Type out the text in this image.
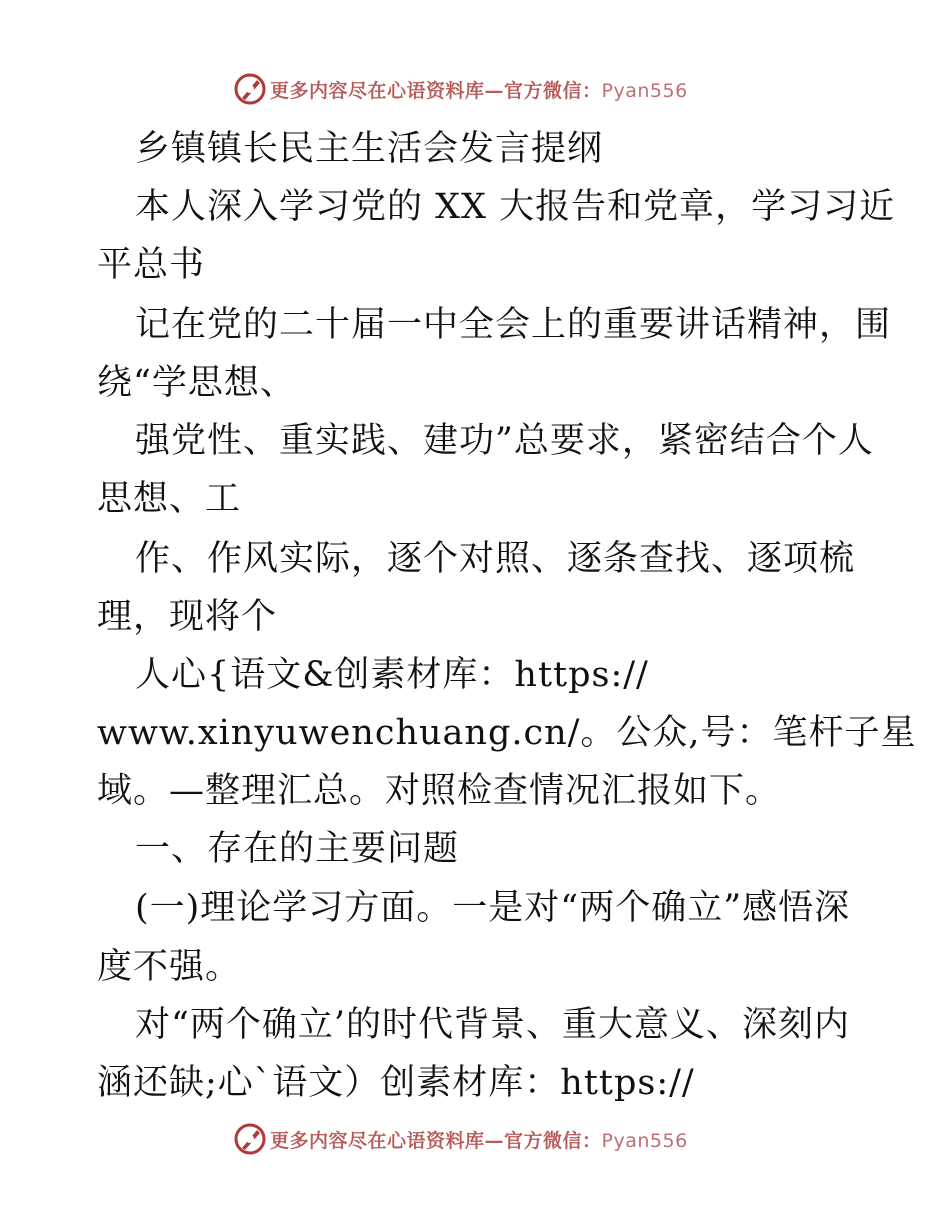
更多内容尽在心语资料库—官方微信：Pyan556
乡镇镇长民主生活会发言提纲
本人深入学习党的 XX 大报告和党章，学习习近
平总书
记在党的二十届一中全会上的重要讲话精神，围
绕“学思想、
强党性、重实践、建功”总要求，紧密结合个人
思想、工
作、作风实际，逐个对照、逐条查找、逐项梳
理，现将个
人心{语文&创素材库：https://
www.xinyuwenchuang.cn/。公众,号：笔杆子星
域。—整理汇总。对照检查情况汇报如下。
一、存在的主要问题
(一)理论学习方面。一是对“两个确立”感悟深
度不强。
对“两个确立’的时代背景、重大意义、深刻内
涵还缺;心`语文）创素材库：https://
更多内容尽在心语资料库—官方微信：Pyan556
